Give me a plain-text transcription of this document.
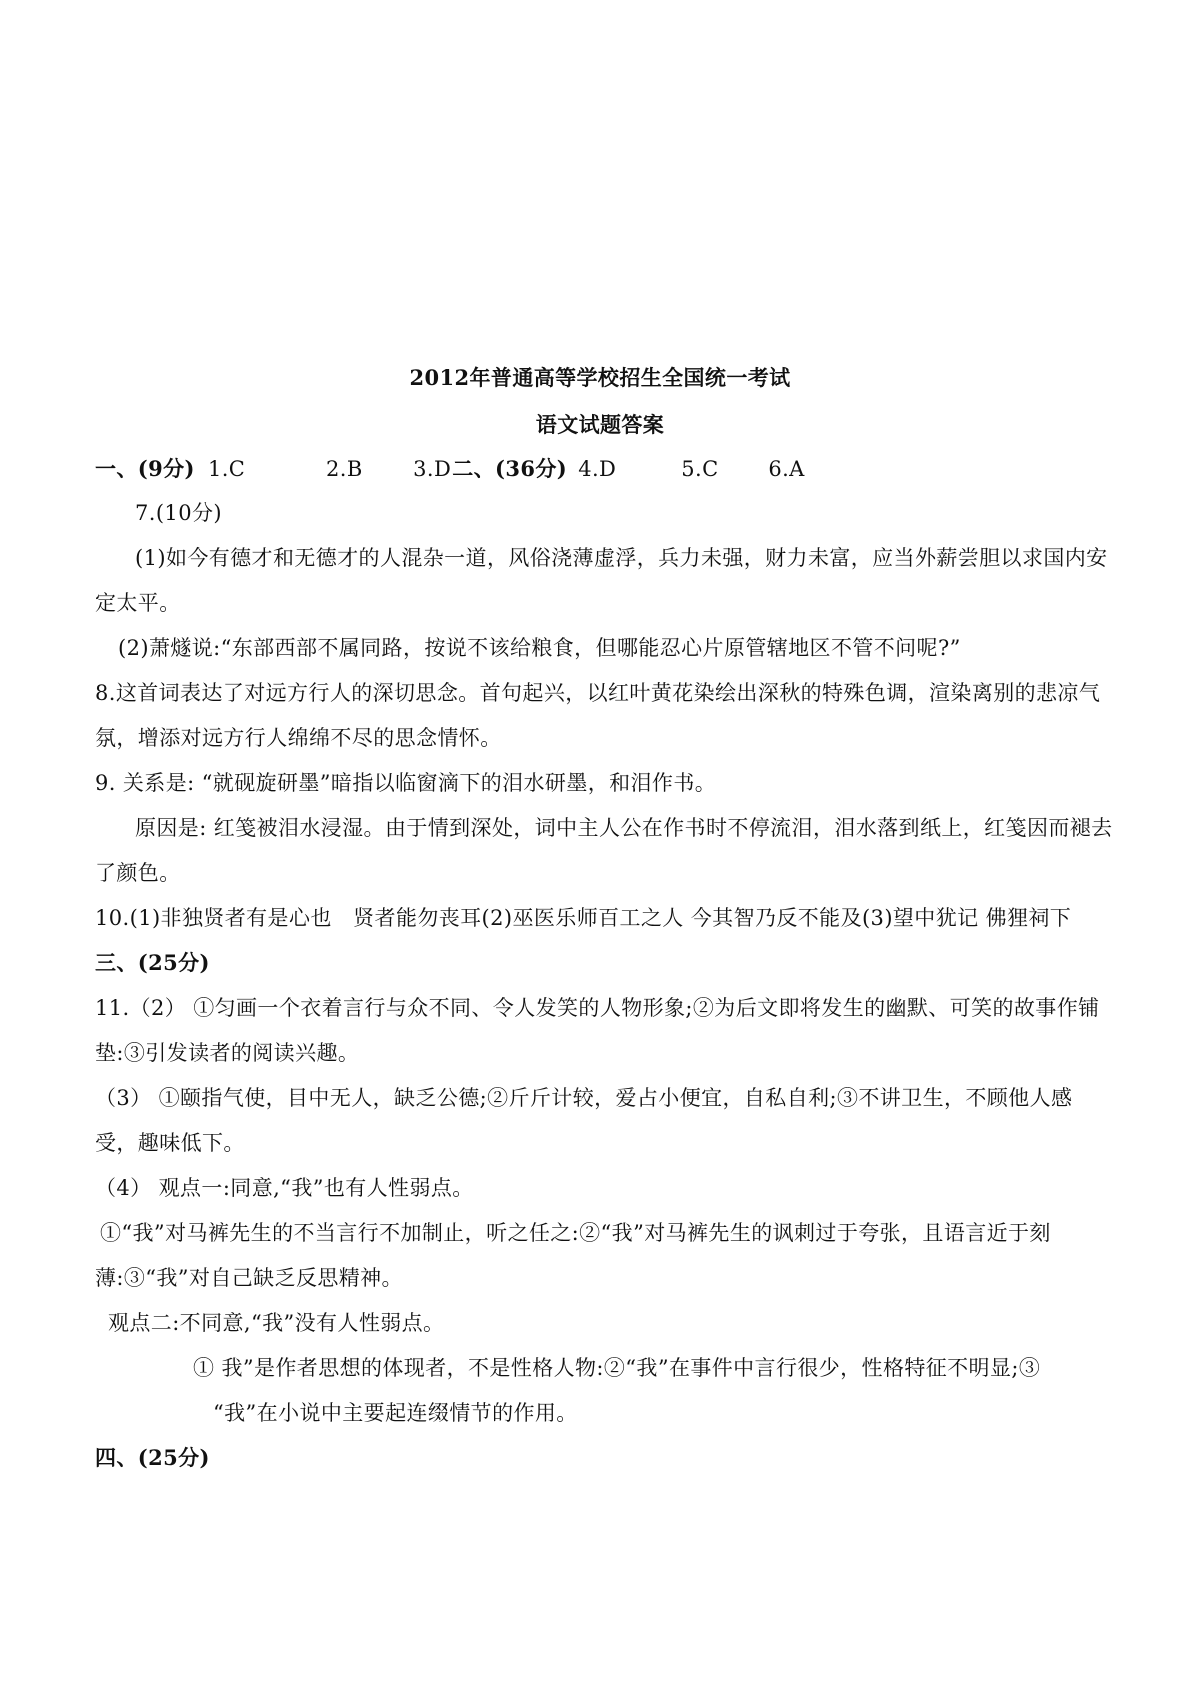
2012年普通高等学校招生全国统一考试
语文试题答案
一、(9分) 1.C	2.B 3.D 二、(36分) 4.D	5.C 6.A
7.(10分)
(1)如今有德才和无德才的人混杂一道，风俗浇薄虚浮，兵力未强，财力未富，应当外薪尝胆以求国内安
定太平。
(2)萧燧说:“东部西部不属同路，按说不该给粮食，但哪能忍心片原管辖地区不管不问呢?”
8.这首词表达了对远方行人的深切思念。首句起兴，以红叶黄花染绘出深秋的特殊色调，渲染离别的悲凉气
氛，增添对远方行人绵绵不尽的思念情怀。
9. 关系是: “就砚旋研墨”暗指以临窗滴下的泪水研墨，和泪作书。
原因是: 红笺被泪水浸湿。由于情到深处，词中主人公在作书时不停流泪，泪水落到纸上，红笺因而褪去
了颜色。
10.(1)非独贤者有是心也　贤者能勿丧耳(2)巫医乐师百工之人 今其智乃反不能及(3)望中犹记 佛狸祠下
三、(25分)
11.（2） ①匀画一个衣着言行与众不同、令人发笑的人物形象;②为后文即将发生的幽默、可笑的故事作铺
垫:③引发读者的阅读兴趣。
（3） ①颐指气使，目中无人，缺乏公德;②斤斤计较，爱占小便宜，自私自利;③不讲卫生，不顾他人感
受，趣味低下。
（4） 观点一:同意,“我”也有人性弱点。
①“我”对马裤先生的不当言行不加制止，听之任之:②“我”对马裤先生的讽刺过于夸张，且语言近于刻
薄:③“我”对自己缺乏反思精神。
观点二:不同意,“我”没有人性弱点。
① 我”是作者思想的体现者，不是性格人物:②“我”在事件中言行很少，性格特征不明显;③
“我”在小说中主要起连缀情节的作用。
四、(25分)
